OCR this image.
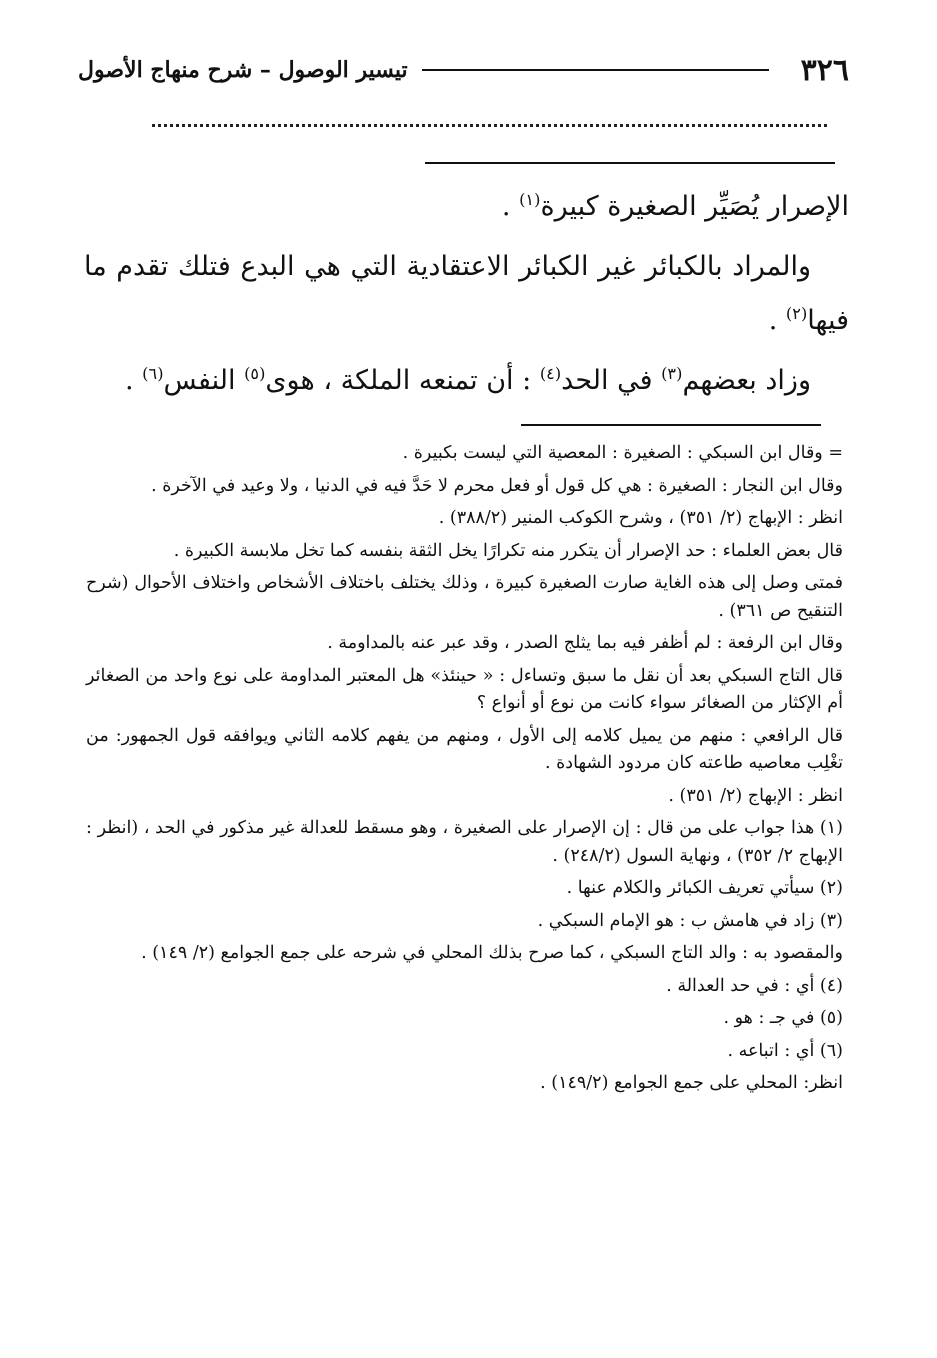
٣٢٦
تيسير الوصول – شرح منهاج الأصول

الإصرار يُصَيِّر الصغيرة كبيرة$^{(١)}$ .

والمراد بالكبائر غير الكبائر الاعتقادية التي هي البدع فتلك تقدم ما فيها$^{(٢)}$ .

وزاد بعضهم$^{(٣)}$ في الحد$^{(٤)}$ : أن تمنعه الملكة ، هوى$^{(٥)}$ النفس$^{(٦)}$ .

= وقال ابن السبكي : الصغيرة : المعصية التي ليست بكبيرة .

وقال ابن النجار : الصغيرة : هي كل قول أو فعل محرم لا حَدَّ فيه في الدنيا ، ولا وعيد في الآخرة .

انظر : الإبهاج (٢/ ٣٥١) ، وشرح الكوكب المنير (٣٨٨/٢) .

قال بعض العلماء : حد الإصرار أن يتكرر منه تكرارًا يخل الثقة بنفسه كما تخل ملابسة الكبيرة .

فمتى وصل إلى هذه الغاية صارت الصغيرة كبيرة ، وذلك يختلف باختلاف الأشخاص واختلاف الأحوال (شرح التنقيح ص ٣٦١) .

وقال ابن الرفعة : لم أظفر فيه بما يثلج الصدر ، وقد عبر عنه بالمداومة .

قال التاج السبكي بعد أن نقل ما سبق وتساءل : « حينئذ» هل المعتبر المداومة على نوع واحد من الصغائر أم الإكثار من الصغائر سواء كانت من نوع أو أنواع ؟

قال الرافعي : منهم من يميل كلامه إلى الأول ، ومنهم من يفهم كلامه الثاني ويوافقه قول الجمهور: من تغْلِب معاصيه طاعته كان مردود الشهادة .

انظر : الإبهاج (٢/ ٣٥١) .

(١) هذا جواب على من قال : إن الإصرار على الصغيرة ، وهو مسقط للعدالة غير مذكور في الحد ، (انظر : الإبهاج ٢/ ٣٥٢) ، ونهاية السول (٢٤٨/٢) .

(٢) سيأتي تعريف الكبائر والكلام عنها .

(٣) زاد في هامش ب : هو الإمام السبكي .

والمقصود به : والد التاج السبكي ، كما صرح بذلك المحلي في شرحه على جمع الجوامع (٢/ ١٤٩) .

(٤) أي : في حد العدالة .

(٥) في جـ : هو .

(٦) أي : اتباعه .

انظر: المحلي على جمع الجوامع (١٤٩/٢) .
